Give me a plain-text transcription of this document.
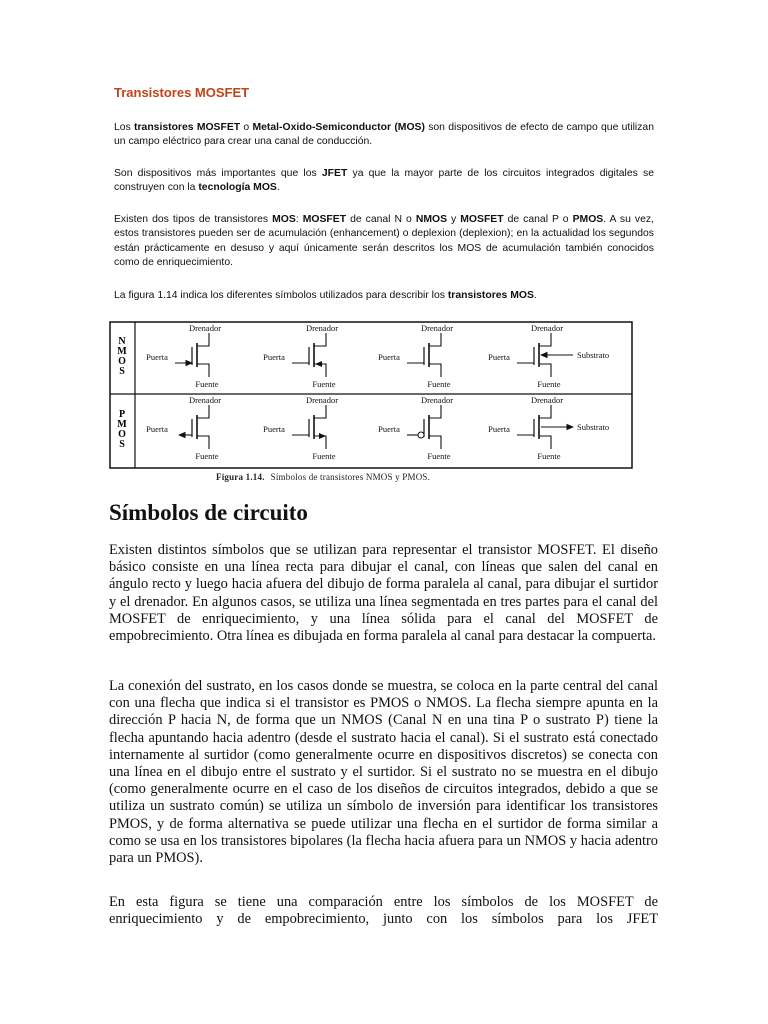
Transistores MOSFET

Los transistores MOSFET o Metal-Oxido-Semiconductor (MOS) son dispositivos de efecto de campo que utilizan un campo eléctrico para crear una canal de conducción.

Son dispositivos más importantes que los JFET ya que la mayor parte de los circuitos integrados digitales se construyen con la tecnología MOS.

Existen dos tipos de transistores MOS: MOSFET de canal N o NMOS y MOSFET de canal P o PMOS. A su vez, estos transistores pueden ser de acumulación (enhancement) o deplexion (deplexion); en la actualidad los segundos están prácticamente en desuso y aquí únicamente serán descritos los MOS de acumulación también conocidos como de enriquecimiento.

La figura 1.14 indica los diferentes símbolos utilizados para describir los transistores MOS.

N M O S
P M O S
Drenador
Puerta
Fuente
Drenador
Puerta
Fuente
Drenador
Puerta
Fuente
Substrato
Drenador
Puerta
Fuente
Drenador
Puerta
Fuente
Drenador
Puerta
Fuente
Drenador
Puerta
Fuente
Substrato
Drenador
Puerta
Fuente
Figura 1.14. Símbolos de transistores NMOS y PMOS.
Símbolos de circuito

Existen distintos símbolos que se utilizan para representar el transistor MOSFET. El diseño básico consiste en una línea recta para dibujar el canal, con líneas que salen del canal en ángulo recto y luego hacia afuera del dibujo de forma paralela al canal, para dibujar el surtidor y el drenador. En algunos casos, se utiliza una línea segmentada en tres partes para el canal del MOSFET de enriquecimiento, y una línea sólida para el canal del MOSFET de empobrecimiento. Otra línea es dibujada en forma paralela al canal para destacar la compuerta.

La conexión del sustrato, en los casos donde se muestra, se coloca en la parte central del canal con una flecha que indica si el transistor es PMOS o NMOS. La flecha siempre apunta en la dirección P hacia N, de forma que un NMOS (Canal N en una tina P o sustrato P) tiene la flecha apuntando hacia adentro (desde el sustrato hacia el canal). Si el sustrato está conectado internamente al surtidor (como generalmente ocurre en dispositivos discretos) se conecta con una línea en el dibujo entre el sustrato y el surtidor. Si el sustrato no se muestra en el dibujo (como generalmente ocurre en el caso de los diseños de circuitos integrados, debido a que se utiliza un sustrato común) se utiliza un símbolo de inversión para identificar los transistores PMOS, y de forma alternativa se puede utilizar una flecha en el surtidor de forma similar a como se usa en los transistores bipolares (la flecha hacia afuera para un NMOS y hacia adentro para un PMOS).

En esta figura se tiene una comparación entre los símbolos de los MOSFET de enriquecimiento y de empobrecimiento, junto con los símbolos para los JFET
